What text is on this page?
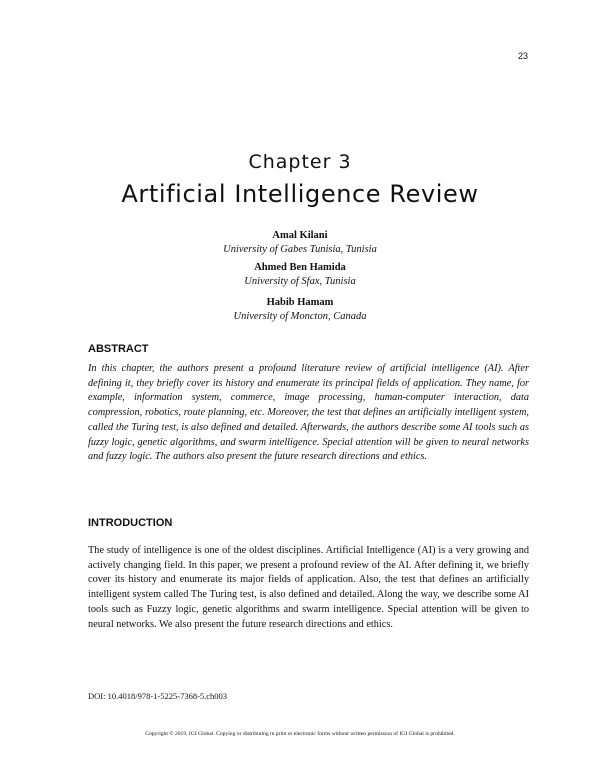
23
Chapter 3
Artificial Intelligence Review
Amal Kilani
University of Gabes Tunisia, Tunisia
Ahmed Ben Hamida
University of Sfax, Tunisia
Habib Hamam
University of Moncton, Canada
ABSTRACT

In this chapter, the authors present a profound literature review of artificial intelligence (AI). After defining it, they briefly cover its history and enumerate its principal fields of application. They name, for example, information system, commerce, image processing, human-computer interaction, data compression, robotics, route planning, etc. Moreover, the test that defines an artificially intelligent system, called the Turing test, is also defined and detailed. Afterwards, the authors describe some AI tools such as fuzzy logic, genetic algorithms, and swarm intelligence. Special attention will be given to neural networks and fuzzy logic. The authors also present the future research directions and ethics.

INTRODUCTION

The study of intelligence is one of the oldest disciplines. Artificial Intelligence (AI) is a very growing and actively changing field. In this paper, we present a profound review of the AI. After defining it, we briefly cover its history and enumerate its major fields of application. Also, the test that defines an artificially intelligent system called The Turing test, is also defined and detailed. Along the way, we describe some AI tools such as Fuzzy logic, genetic algorithms and swarm intelligence. Special attention will be given to neural networks. We also present the future research directions and ethics.

DOI: 10.4018/978-1-5225-7368-5.ch003
Copyright © 2019, IGI Global. Copying or distributing in print or electronic forms without written permission of IGI Global is prohibited.
